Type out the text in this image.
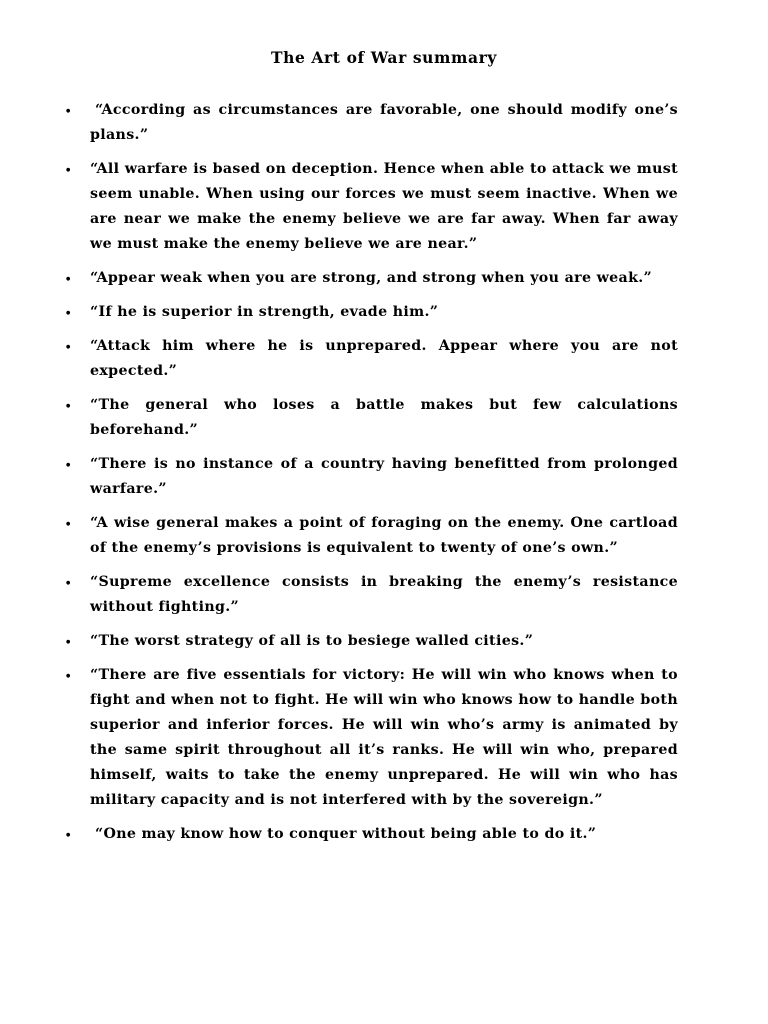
The Art of War summary
●
“According as circumstances are favorable, one should modify one’s plans.”
●
“All warfare is based on deception. Hence when able to attack we must seem unable. When using our forces we must seem inactive. When we are near we make the enemy believe we are far away. When far away we must make the enemy believe we are near.”
●
“Appear weak when you are strong, and strong when you are weak.”
●
“If he is superior in strength, evade him.”
●
“Attack him where he is unprepared. Appear where you are not expected.”
●
“The general who loses a battle makes but few calculations beforehand.”
●
“There is no instance of a country having benefitted from prolonged warfare.”
●
“A wise general makes a point of foraging on the enemy. One cartload of the enemy’s provisions is equivalent to twenty of one’s own.”
●
“Supreme excellence consists in breaking the enemy’s resistance without fighting.”
●
“The worst strategy of all is to besiege walled cities.”
●
“There are five essentials for victory: He will win who knows when to fight and when not to fight. He will win who knows how to handle both superior and inferior forces. He will win who’s army is animated by the same spirit throughout all it’s ranks. He will win who, prepared himself, waits to take the enemy unprepared. He will win who has military capacity and is not interfered with by the sovereign.”
●
“One may know how to conquer without being able to do it.”
